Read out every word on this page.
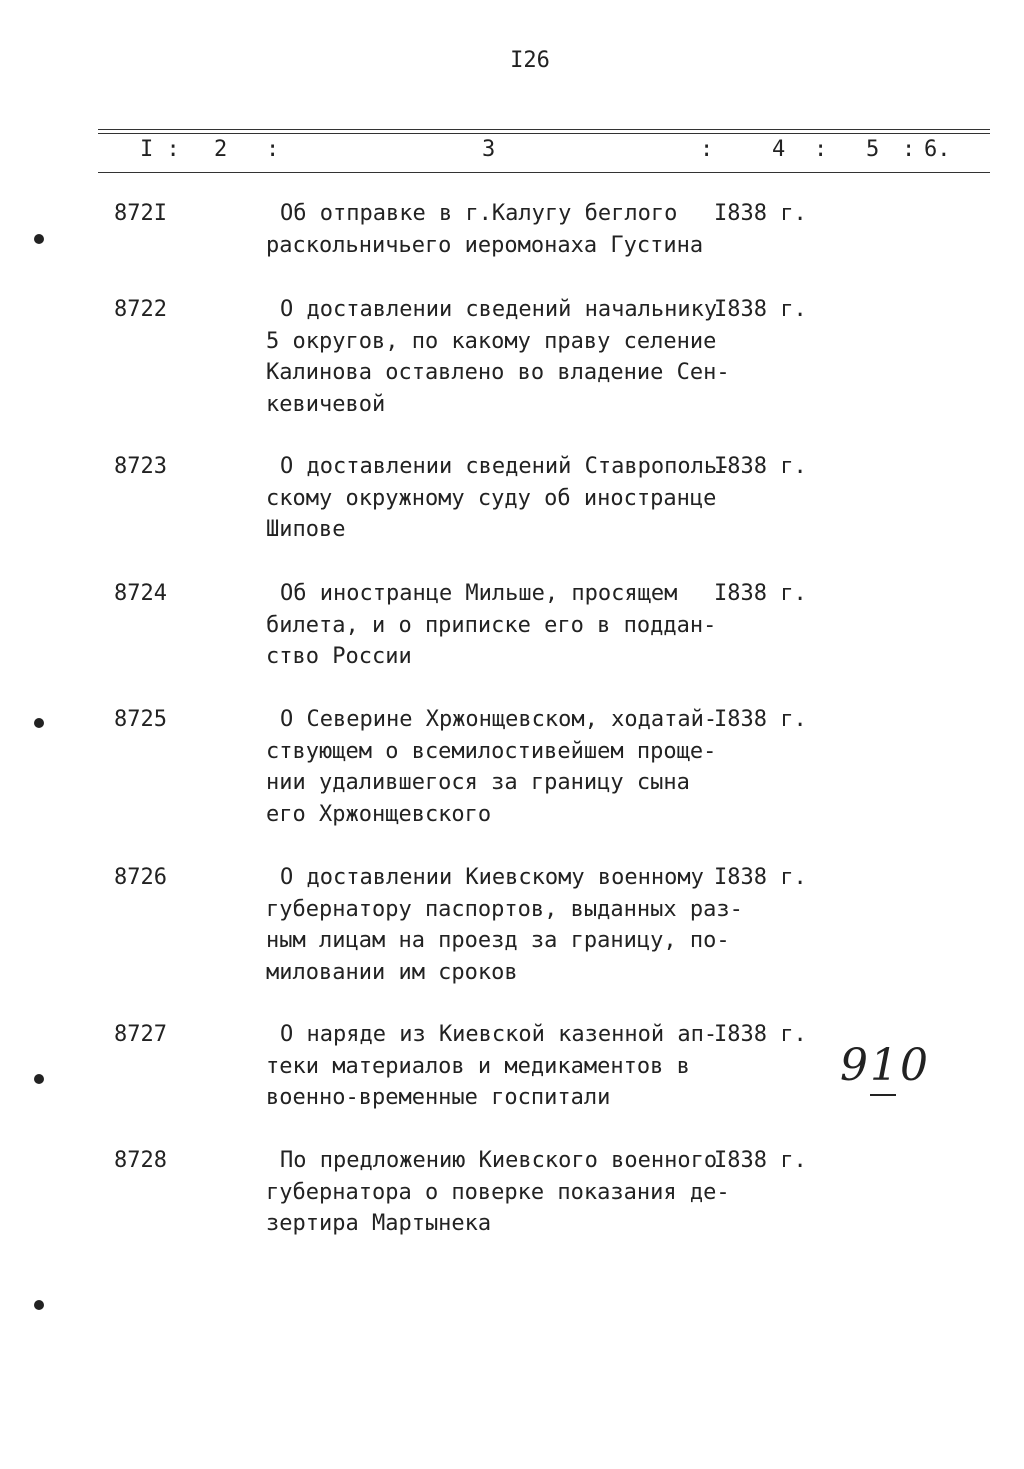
I26
I : 2 :	3	:	4 : 5 : 6.
872I	Об отправке в г.Калугу беглого
раскольничьего иеромонаха Густина
I838 г.
8722	О доставлении сведений начальнику
5 округов, по какому праву селение
Калинова оставлено во владение Сен-
кевичевой
I838 г.
8723	О доставлении сведений Ставрополь-
скому окружному суду об иностранце
Шипове
I838 г.
8724	Об иностранце Мильше, просящем
билета, и о приписке его в поддан-
ство России
I838 г.
8725	О Северине Хржонщевском, ходатай-
ствующем о всемилостивейшем проще-
нии удалившегося за границу сына
его Хржонщевского
I838 г.
8726	О доставлении Киевскому военному
губернатору паспортов, выданных раз-
ным лицам на проезд за границу, по-
миловании им сроков
I838 г.
8727	О наряде из Киевской казенной ап-
теки материалов и медикаментов в
военно-временные госпитали
I838 г.
8728	По предложению Киевского военного
губернатора о поверке показания де-
зертира Мартынека
I838 г.
910
